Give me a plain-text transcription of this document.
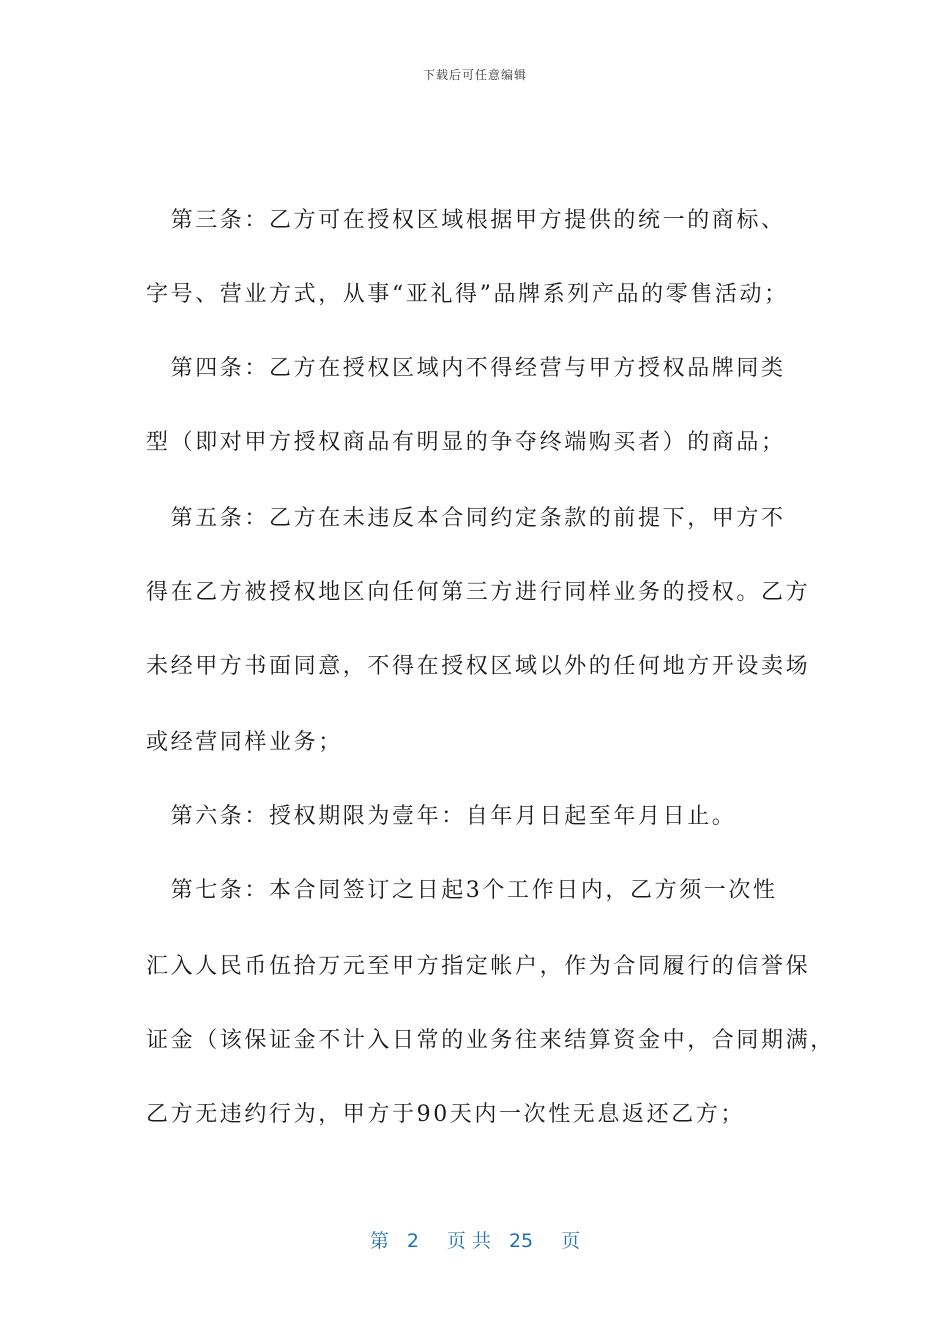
下载后可任意编辑
　第三条：乙方可在授权区域根据甲方提供的统一的商标、
字号、营业方式，从事“亚礼得”品牌系列产品的零售活动；
　第四条：乙方在授权区域内不得经营与甲方授权品牌同类
型（即对甲方授权商品有明显的争夺终端购买者）的商品；
　第五条：乙方在未违反本合同约定条款的前提下，甲方不
得在乙方被授权地区向任何第三方进行同样业务的授权。乙方
未经甲方书面同意，不得在授权区域以外的任何地方开设卖场
或经营同样业务；
　第六条：授权期限为壹年：自年月日起至年月日止。
　第七条：本合同签订之日起3个工作日内，乙方须一次性
汇入人民币伍拾万元至甲方指定帐户，作为合同履行的信誉保
证金（该保证金不计入日常的业务往来结算资金中，合同期满，
乙方无违约行为，甲方于90天内一次性无息返还乙方；
第 2 页 共 25 页
